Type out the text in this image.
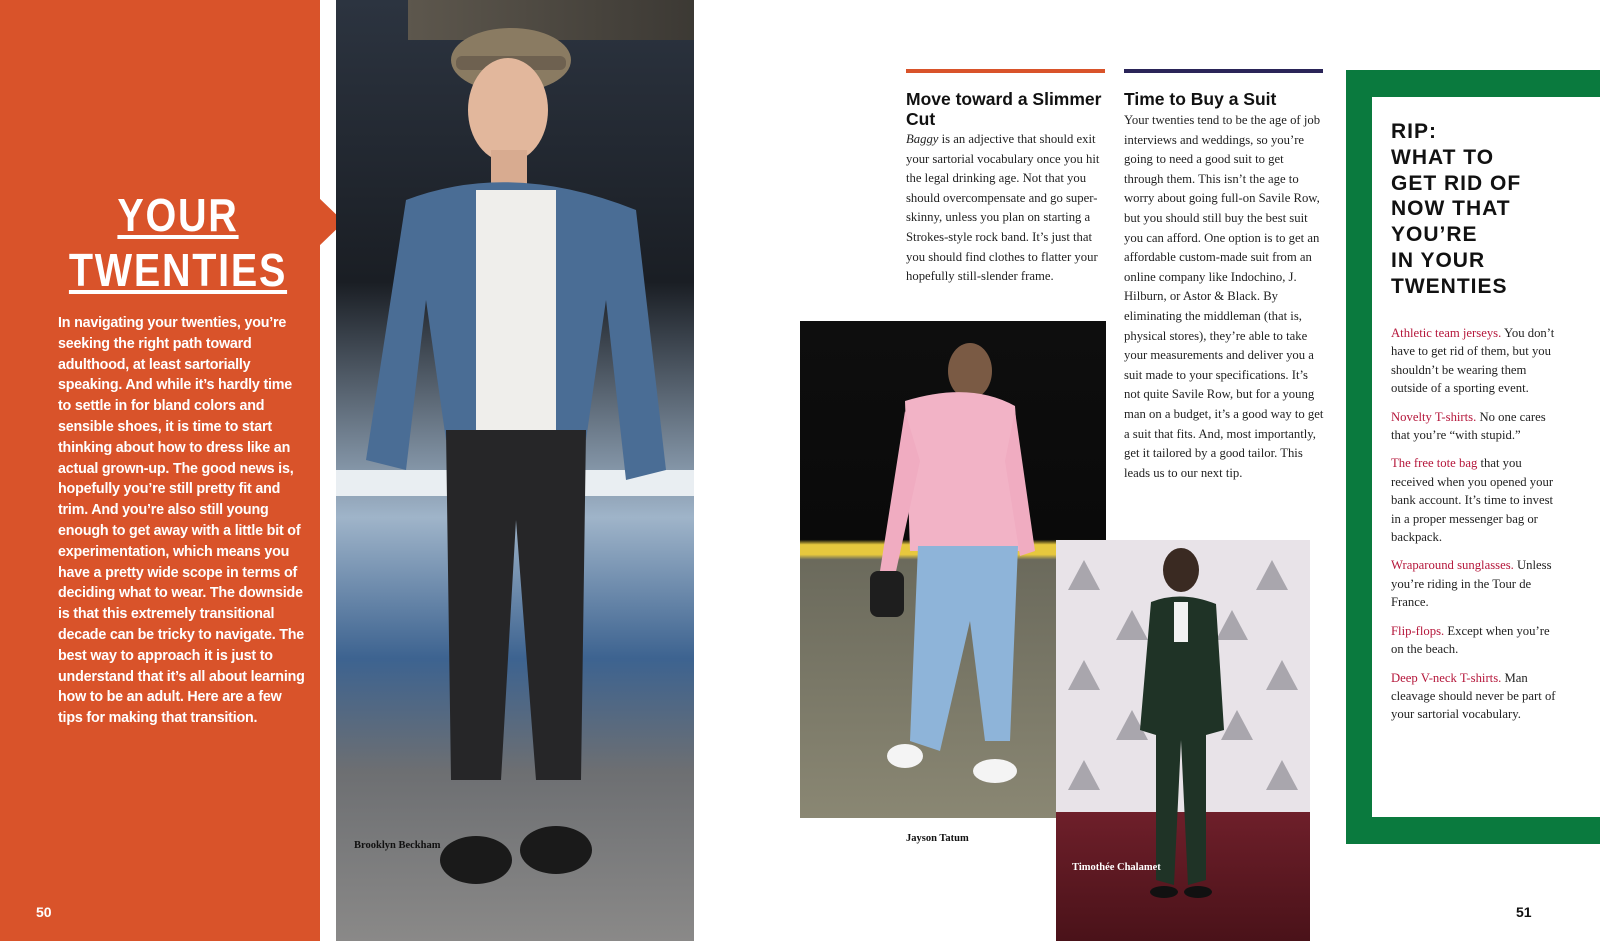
YOUR
TWENTIES
In navigating your twenties, you’re seeking the right path toward adulthood, at least sartorially speaking. And while it’s hardly time to settle in for bland colors and sensible shoes, it is time to start thinking about how to dress like an actual grown-up. The good news is, hopefully you’re still pretty fit and trim. And you’re also still young enough to get away with a little bit of experimentation, which means you have a pretty wide scope in terms of deciding what to wear. The downside is that this extremely transitional decade can be tricky to navigate. The best way to approach it is just to understand that it’s all about learning how to be an adult. Here are a few tips for making that transition.
50
Brooklyn Beckham
Move toward a Slimmer Cut
Baggy is an adjective that should exit your sartorial vocabulary once you hit the legal drinking age. Not that you should overcompensate and go super-skinny, unless you plan on starting a Strokes-style rock band. It’s just that you should find clothes to flatter your hopefully still-slender frame.
Time to Buy a Suit
Your twenties tend to be the age of job interviews and weddings, so you’re going to need a good suit to get through them. This isn’t the age to worry about going full-on Savile Row, but you should still buy the best suit you can afford. One option is to get an affordable custom-made suit from an online company like Indochino, J. Hilburn, or Astor & Black. By eliminating the middleman (that is, physical stores), they’re able to take your measurements and deliver you a suit made to your specifications. It’s not quite Savile Row, but for a young man on a budget, it’s a good way to get a suit that fits. And, most importantly, get it tailored by a good tailor. This leads us to our next tip.
Jayson Tatum
Timothée Chalamet
RIP:
WHAT TO
GET RID OF
NOW THAT
YOU’RE
IN YOUR
TWENTIES
Athletic team jerseys. You don’t have to get rid of them, but you shouldn’t be wearing them outside of a sporting event.
Novelty T-shirts. No one cares that you’re “with stupid.”
The free tote bag that you received when you opened your bank account. It’s time to invest in a proper messenger bag or backpack.
Wraparound sunglasses. Unless you’re riding in the Tour de France.
Flip-flops. Except when you’re on the beach.
Deep V-neck T-shirts. Man cleavage should never be part of your sartorial vocabulary.
51
